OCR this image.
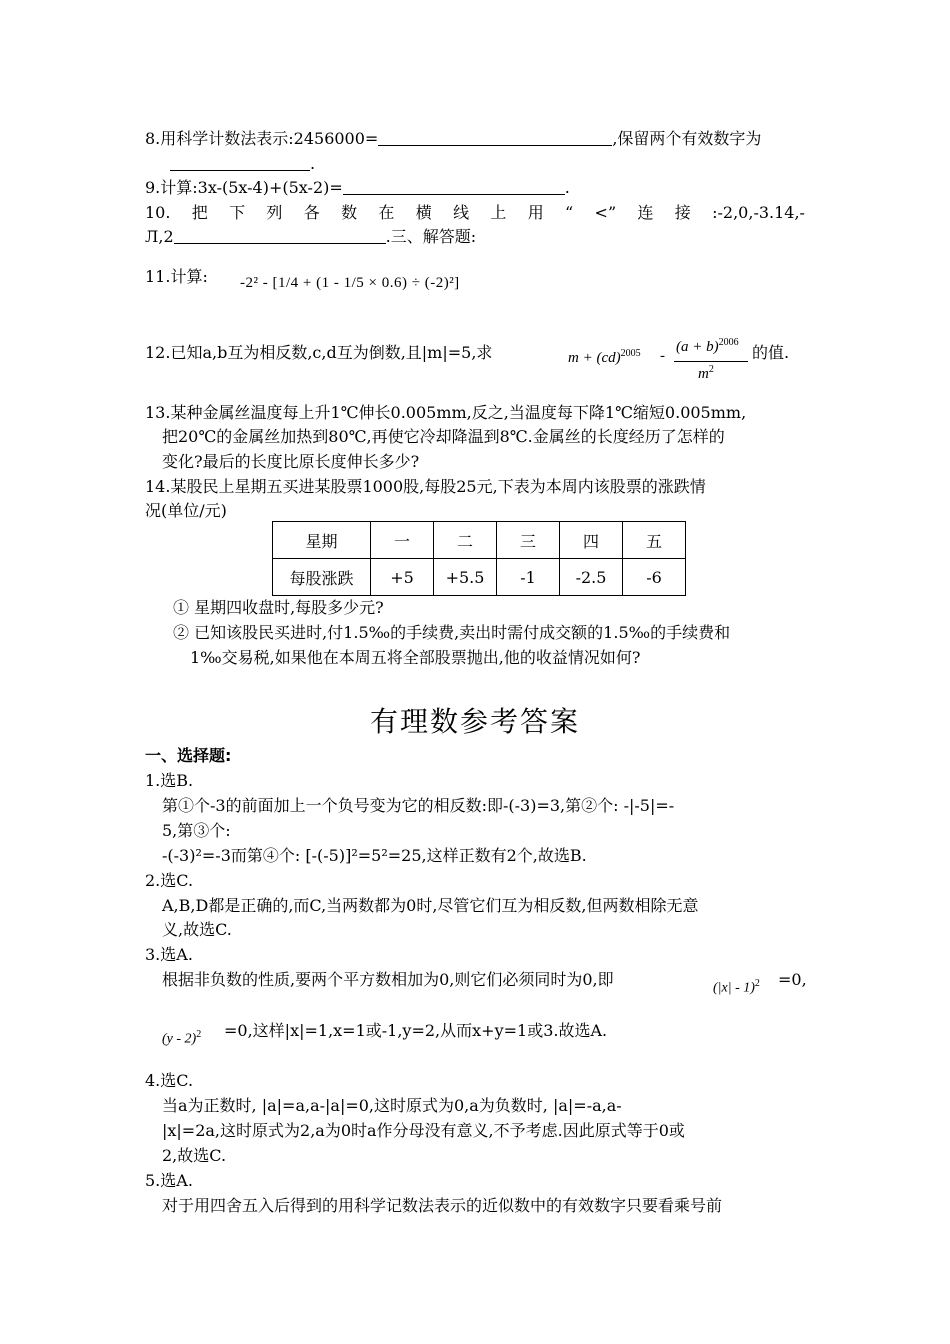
8.用科学计数法表示:2456000=	,保留两个有效数字为
.
9.计算:3x-(5x-4)+(5x-2)=	.
10. 把 下 列 各 数 在 横 线 上 用 “ <” 连 接 :-2,0,-3.14,-
Л,2	.三、解答题:
11.计算: -2² - [1/4 + (1 - 1/5 × 0.6) ÷ (-2)²]
12.已知a,b互为相反数,c,d互为倒数,且|m|=5,求	m + (cd)$^{2005}$ -
$(a + b)^{2006}$
$m^2$
的值.
13.某种金属丝温度每上升1℃伸长0.005mm,反之,当温度每下降1℃缩短0.005mm,
把20℃的金属丝加热到80℃,再使它冷却降温到8℃.金属丝的长度经历了怎样的
变化?最后的长度比原长度伸长多少?
14.某股民上星期五买进某股票1000股,每股25元,下表为本周内该股票的涨跌情
况(单位/元)
星期	一	二	三	四	五
每股涨跌	+5	+5.5	-1	-2.5	-6
① 星期四收盘时,每股多少元?
② 已知该股民买进时,付1.5‰的手续费,卖出时需付成交额的1.5‰的手续费和
1‰交易税,如果他在本周五将全部股票抛出,他的收益情况如何?
有理数参考答案
一、选择题:
1.选B.
第①个-3的前面加上一个负号变为它的相反数:即-(-3)=3,第②个: -|-5|=-
5,第③个:
-(-3)²=-3而第④个: [-(-5)]²=5²=25,这样正数有2个,故选B.
2.选C.
A,B,D都是正确的,而C,当两数都为0时,尽管它们互为相反数,但两数相除无意
义,故选C.
3.选A.
根据非负数的性质,要两个平方数相加为0,则它们必须同时为0,即	(|x| - 1)$^2$ =0,
(y - 2)$^2$ =0,这样|x|=1,x=1或-1,y=2,从而x+y=1或3.故选A.
4.选C.
当a为正数时, |a|=a,a-|a|=0,这时原式为0,a为负数时, |a|=-a,a-
|x|=2a,这时原式为2,a为0时a作分母没有意义,不予考虑.因此原式等于0或
2,故选C.
5.选A.
对于用四舍五入后得到的用科学记数法表示的近似数中的有效数字只要看乘号前
